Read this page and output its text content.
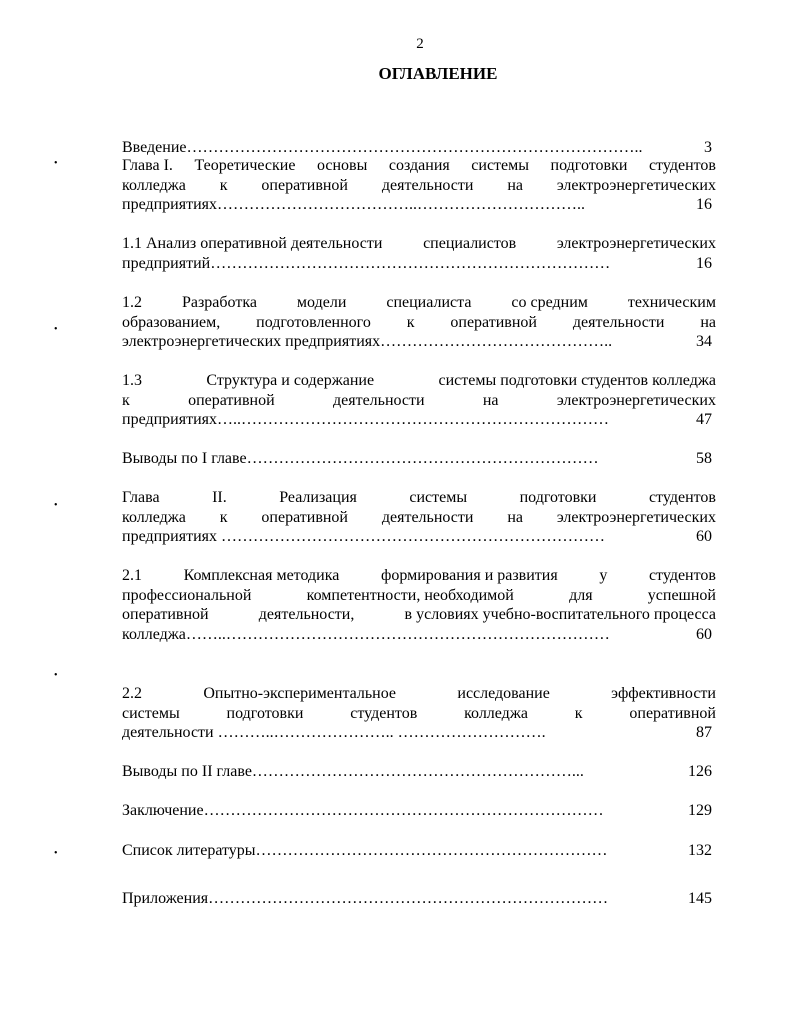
2
ОГЛАВЛЕНИЕ
Введение…………………………………………………………………………..	3
Глава I. Теоретические основы создания системы подготовки студентов
колледжа к оперативной деятельности на электроэнергетических
предприятиях………………………………..…………………………..	16
1.1 Анализ оперативной деятельности	специалистов	электроэнергетических
предприятий…………………………………………………………………	16
1.2 Разработка модели специалиста со средним техническим
образованием, подготовленного к оперативной деятельности на
электроэнергетических предприятиях……………………………………..	34
1.3	Структура и содержание	системы подготовки студентов колледжа
к	оперативной	деятельности	на	электроэнергетических
предприятиях…..……………………………………………………………	47
Выводы по I главе…………………………………………………………	58
Глава	II.	Реализация	системы	подготовки	студентов
колледжа к оперативной деятельности на электроэнергетических
предприятиях ………………………………………………………………	60
2.1	Комплексная методика	формирования и развития	у	студентов
профессиональной	компетентности, необходимой	для	успешной
оперативной	деятельности,	в условиях учебно-воспитательного процесса
колледжа……..………………………………………………………………	60
2.2	Опытно-экспериментальное	исследование	эффективности
системы	подготовки	студентов	колледжа	к	оперативной
деятельности ………..………………….. ……………………….	87
Выводы по II главе……………………………………………………...	126
Заключение…………………………………………………………………	129
Список литературы…………………………………………………………	132
Приложения…………………………………………………………………	145
•
•
•
•
•
